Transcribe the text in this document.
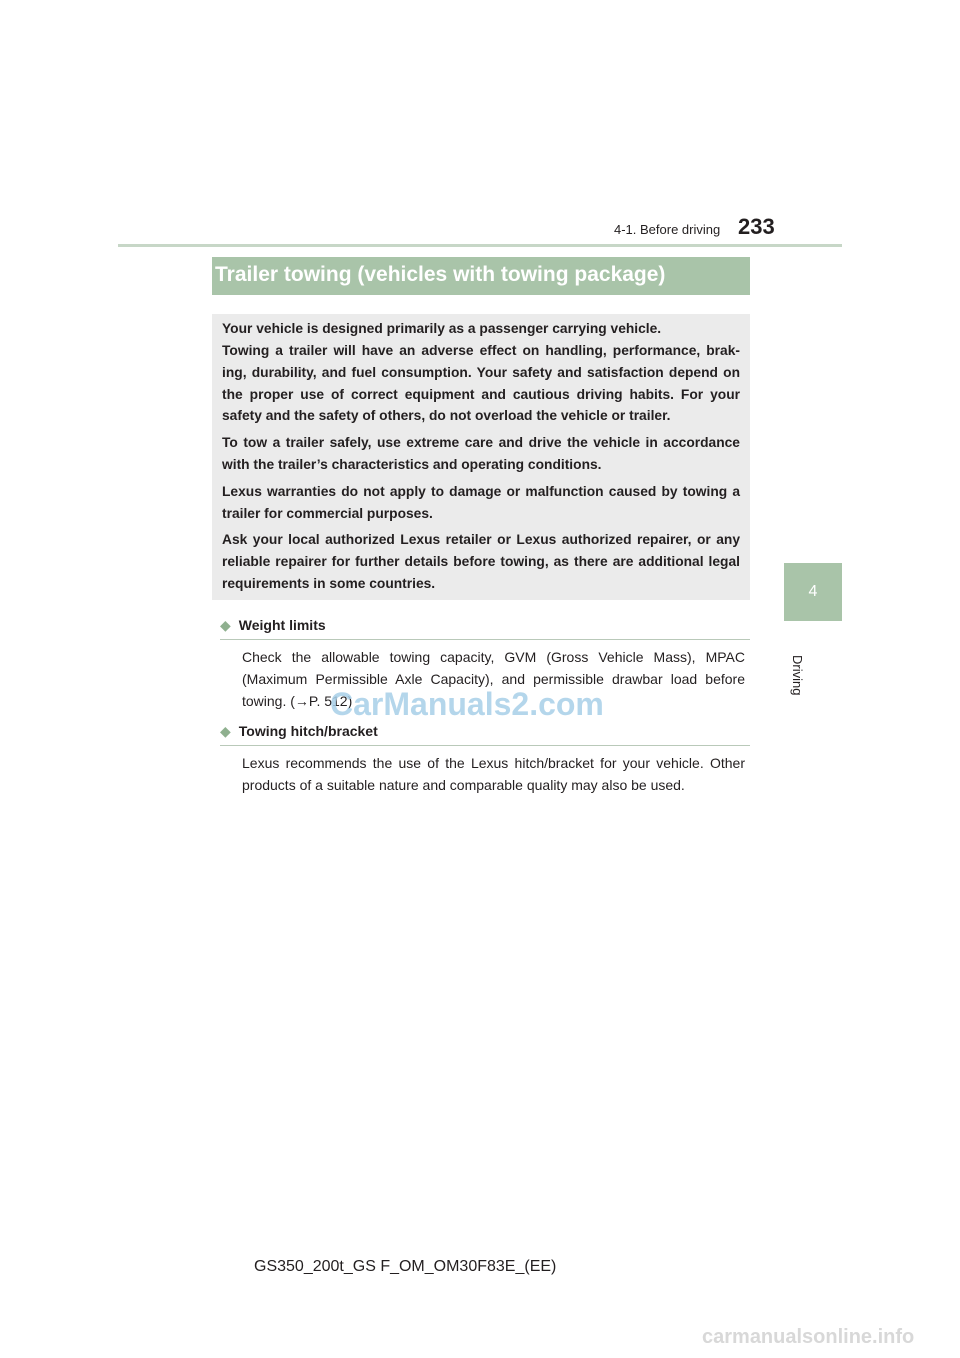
4-1. Before driving 233
4
Driving
Trailer towing (vehicles with towing package)

Your vehicle is designed primarily as a passenger carrying vehicle.

Towing a trailer will have an adverse effect on handling, performance, brak-ing, durability, and fuel consumption. Your safety and satisfaction depend on the proper use of correct equipment and cautious driving habits. For your safety and the safety of others, do not overload the vehicle or trailer.

To tow a trailer safely, use extreme care and drive the vehicle in accordance with the trailer’s characteristics and operating conditions.

Lexus warranties do not apply to damage or malfunction caused by towing a trailer for commercial purposes.

Ask your local authorized Lexus retailer or Lexus authorized repairer, or any reliable repairer for further details before towing, as there are additional legal requirements in some countries.

◆ Weight limits

Check the allowable towing capacity, GVM (Gross Vehicle Mass), MPAC (Maximum Permissible Axle Capacity), and permissible drawbar load before towing. (→P. 512)

◆ Towing hitch/bracket

Lexus recommends the use of the Lexus hitch/bracket for your vehicle. Other products of a suitable nature and comparable quality may also be used.

CarManuals2.com
GS350_200t_GS F_OM_OM30F83E_(EE)
carmanualsonline.info
